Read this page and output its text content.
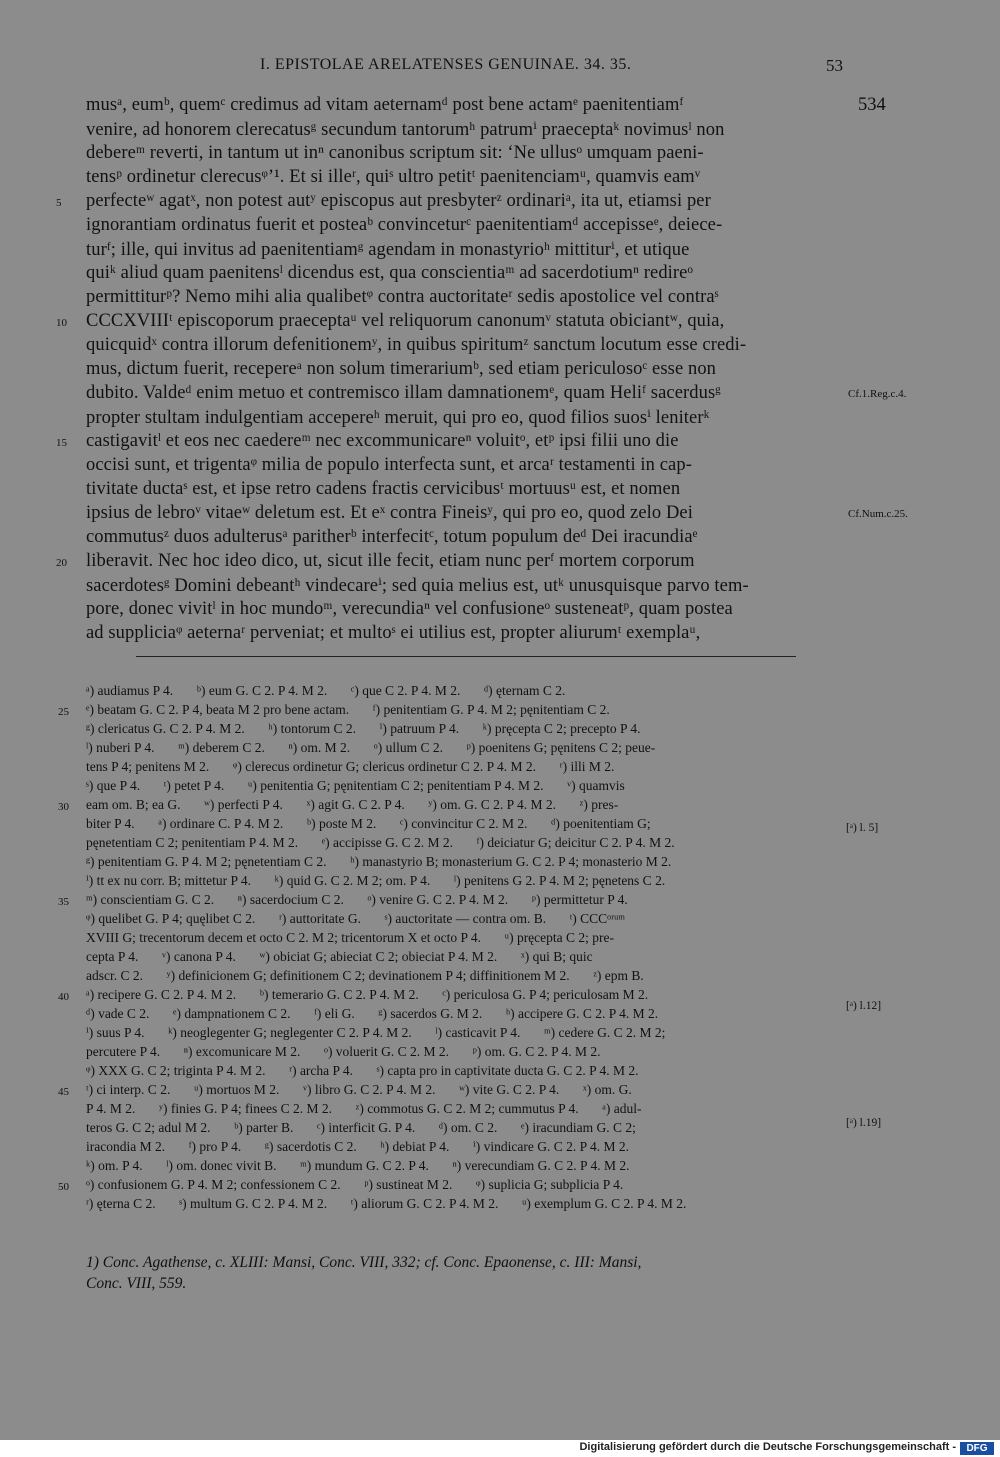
I. EPISTOLAE ARELATENSES GENUINAE. 34. 35.	53
musᵃ, eumᵇ, quemᶜ credimus ad vitam aeternamᵈ post bene actamᵉ paenitentiamᶠ
venire, ad honorem clerecatusᵍ secundum tantorumʰ patrumⁱ praeceptaᵏ novimusˡ non
debereᵐ reverti, in tantum ut inⁿ canonibus scriptum sit: ‘Ne ullusᵒ umquam paeni-
tensᵖ ordinetur clerecusᵠ’¹. Et si illeʳ, quiˢ ultro petitᵗ paenitenciamᵘ, quamvis eamᵛ
perfecteʷ agatˣ, non potest autʸ episcopus aut presbyterᶻ ordinariᵃ, ita ut, etiamsi per
ignorantiam ordinatus fuerit et posteaᵇ convinceturᶜ paenitentiamᵈ accepisseᵉ, deiece-
turᶠ; ille, qui invitus ad paenitentiamᵍ agendam in monastyrioʰ mittiturⁱ, et utique
quiᵏ aliud quam paenitensˡ dicendus est, qua conscientiaᵐ ad sacerdotiumⁿ redireᵒ
permittiturᵖ? Nemo mihi alia qualibetᵠ contra auctoritateʳ sedis apostolice vel contraˢ
CCCXVIIIᵗ episcoporum praeceptaᵘ vel reliquorum canonumᵛ statuta obiciantʷ, quia,
quicquidˣ contra illorum defenitionemʸ, in quibus spiritumᶻ sanctum locutum esse credi-
mus, dictum fuerit, recepereᵃ non solum timerariumᵇ, sed etiam periculosoᶜ esse non
dubito. Valdeᵈ enim metuo et contremisco illam damnationemᵉ, quam Heliᶠ sacerdusᵍ
propter stultam indulgentiam accepereʰ meruit, qui pro eo, quod filios suosⁱ leniterᵏ
castigavitˡ et eos nec caedereᵐ nec excommunicareⁿ voluitᵒ, etᵖ ipsi filii uno die
occisi sunt, et trigentaᵠ milia de populo interfecta sunt, et arcaʳ testamenti in cap-
tivitate ductaˢ est, et ipse retro cadens fractis cervicibusᵗ mortuusᵘ est, et nomen
ipsius de lebroᵛ vitaeʷ deletum est. Et eˣ contra Fineisʸ, qui pro eo, quod zelo Dei
commutusᶻ duos adulterusᵃ paritherᵇ interfecitᶜ, totum populum deᵈ Dei iracundiaᵉ
liberavit. Nec hoc ideo dico, ut, sicut ille fecit, etiam nunc perᶠ mortem corporum
sacerdotesᵍ Domini debeantʰ vindecareⁱ; sed quia melius est, utᵏ unusquisque parvo tem-
pore, donec vivitˡ in hoc mundoᵐ, verecundiaⁿ vel confusioneᵒ susteneatᵖ, quam postea
ad suppliciaᵠ aeternaʳ perveniat; et multoˢ ei utilius est, propter aliurumᵗ exemplaᵘ,
5
10
15
20
534
Cf.1.Reg.c.4.
Cf.Num.c.25.
ᵃ) audiamus P 4.       ᵇ) eum G. C 2. P 4. M 2.       ᶜ) que C 2. P 4. M 2.       ᵈ) ęternam C 2.
ᵉ) beatam G. C 2. P 4, beata M 2 pro bene actam.       ᶠ) penitentiam G. P 4. M 2; pęnitentiam C 2.
ᵍ) clericatus G. C 2. P 4. M 2.       ʰ) tontorum C 2.       ⁱ) patruum P 4.       ᵏ) pręcepta C 2; precepto P 4.
ˡ) nuberi P 4.       ᵐ) deberem C 2.       ⁿ) om. M 2.       ᵒ) ullum C 2.       ᵖ) poenitens G; pęnitens C 2; peue-
tens P 4; penitens M 2.       ᵠ) clerecus ordinetur G; clericus ordinetur C 2. P 4. M 2.       ʳ) illi M 2.
ˢ) que P 4.       ᵗ) petet P 4.       ᵘ) penitentia G; pęnitentiam C 2; penitentiam P 4. M 2.       ᵛ) quamvis
eam om. B; ea G.       ʷ) perfecti P 4.       ˣ) agit G. C 2. P 4.       ʸ) om. G. C 2. P 4. M 2.       ᶻ) pres-
biter P 4.       ᵃ) ordinare C. P 4. M 2.       ᵇ) poste M 2.       ᶜ) convincitur C 2. M 2.       ᵈ) poenitentiam G;
pęnetentiam C 2; penitentiam P 4. M 2.       ᵉ) accipisse G. C 2. M 2.       ᶠ) deiciatur G; deicitur C 2. P 4. M 2.
ᵍ) penitentiam G. P 4. M 2; pęnetentiam C 2.       ʰ) manastyrio B; monasterium G. C 2. P 4; monasterio M 2.
ⁱ) tt ex nu corr. B; mittetur P 4.       ᵏ) quid G. C 2. M 2; om. P 4.       ˡ) penitens G 2. P 4. M 2; pęnetens C 2.
ᵐ) conscientiam G. C 2.       ⁿ) sacerdocium C 2.       ᵒ) venire G. C 2. P 4. M 2.       ᵖ) permittetur P 4.
ᵠ) quelibet G. P 4; quęlibet C 2.       ʳ) auttoritate G.       ˢ) auctoritate — contra om. B.       ᵗ) CCCᵒʳᵘᵐ
XVIII G; trecentorum decem et octo C 2. M 2; tricentorum X et octo P 4.       ᵘ) pręcepta C 2; pre-
cepta P 4.       ᵛ) canona P 4.       ʷ) obiciat G; abieciat C 2; obieciat P 4. M 2.       ˣ) qui B; quic
adscr. C 2.       ʸ) definicionem G; definitionem C 2; devinationem P 4; diffinitionem M 2.       ᶻ) epm B.
ᵃ) recipere G. C 2. P 4. M 2.       ᵇ) temerario G. C 2. P 4. M 2.       ᶜ) periculosa G. P 4; periculosam M 2.
ᵈ) vade C 2.       ᵉ) dampnationem C 2.       ᶠ) eli G.       ᵍ) sacerdos G. M 2.       ʰ) accipere G. C 2. P 4. M 2.
ⁱ) suus P 4.       ᵏ) neoglegenter G; neglegenter C 2. P 4. M 2.       ˡ) casticavit P 4.       ᵐ) cedere G. C 2. M 2;
percutere P 4.       ⁿ) excomunicare M 2.       ᵒ) voluerit G. C 2. M 2.       ᵖ) om. G. C 2. P 4. M 2.
ᵠ) XXX G. C 2; triginta P 4. M 2.       ʳ) archa P 4.       ˢ) capta pro in captivitate ducta G. C 2. P 4. M 2.
ᵗ) ci interp. C 2.       ᵘ) mortuos M 2.       ᵛ) libro G. C 2. P 4. M 2.       ʷ) vite G. C 2. P 4.       ˣ) om. G.
P 4. M 2.       ʸ) finies G. P 4; finees C 2. M 2.       ᶻ) commotus G. C 2. M 2; cummutus P 4.       ᵃ) adul-
teros G. C 2; adul M 2.       ᵇ) parter B.       ᶜ) interficit G. P 4.       ᵈ) om. C 2.       ᵉ) iracundiam G. C 2;
iracondia M 2.       ᶠ) pro P 4.       ᵍ) sacerdotis C 2.       ʰ) debiat P 4.       ⁱ) vindicare G. C 2. P 4. M 2.
ᵏ) om. P 4.       ˡ) om. donec vivit B.       ᵐ) mundum G. C 2. P 4.       ⁿ) verecundiam G. C 2. P 4. M 2.
ᵒ) confusionem G. P 4. M 2; confessionem C 2.       ᵖ) sustineat M 2.       ᵠ) suplicia G; subplicia P 4.
ʳ) ęterna C 2.       ˢ) multum G. C 2. P 4. M 2.       ᵗ) aliorum G. C 2. P 4. M 2.       ᵘ) exemplum G. C 2. P 4. M 2.
25
30
35
40
45
50
[ᵃ) l. 5]
[ᵃ) l.12]
[ᵃ) l.19]
1) Conc. Agathense, c. XLIII: Mansi, Conc. VIII, 332; cf. Conc. Epaonense, c. III: Mansi,
Conc. VIII, 559.
Digitalisierung gefördert durch die Deutsche Forschungsgemeinschaft -	DFG
